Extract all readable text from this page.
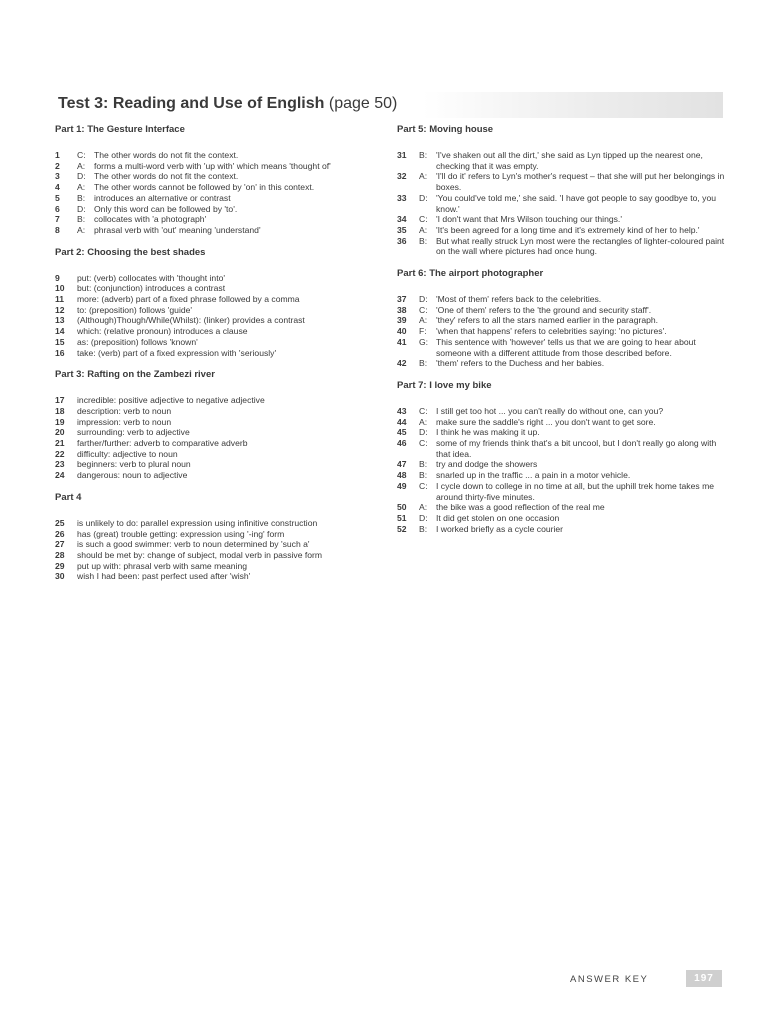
Test 3: Reading and Use of English (page 50)
Part 1: The Gesture Interface
1	C: The other words do not fit the context.
2	A:	forms a multi-word verb with 'up with' which means 'thought of'
3	D: The other words do not fit the context.
4	A:	The other words cannot be followed by 'on' in this context.
5	B:	introduces an alternative or contrast
6	D: Only this word can be followed by 'to'.
7	B:	collocates with 'a photograph'
8	A:	phrasal verb with 'out' meaning 'understand'
Part 2: Choosing the best shades
9	put: (verb) collocates with 'thought into'
10	but: (conjunction) introduces a contrast
11	more: (adverb) part of a fixed phrase followed by a comma
12	to: (preposition) follows 'guide'
13	(Although)Though/While(Whilst): (linker) provides a contrast
14	which: (relative pronoun) introduces a clause
15	as: (preposition) follows 'known'
16	take: (verb) part of a fixed expression with 'seriously'
Part 3: Rafting on the Zambezi river
17	incredible: positive adjective to negative adjective
18	description: verb to noun
19	impression: verb to noun
20	surrounding: verb to adjective
21	farther/further: adverb to comparative adverb
22	difficulty: adjective to noun
23	beginners: verb to plural noun
24	dangerous: noun to adjective
Part 4
25	is unlikely to do: parallel expression using infinitive construction
26	has (great) trouble getting: expression using '-ing' form
27	is such a good swimmer: verb to noun determined by 'such a'
28	should be met by: change of subject, modal verb in passive form
29	put up with: phrasal verb with same meaning
30	wish I had been: past perfect used after 'wish'
Part 5: Moving house
31	B:	'I've shaken out all the dirt,' she said as Lyn tipped up the nearest one, checking that it was empty.
32	A:	'I'll do it' refers to Lyn's mother's request – that she will put her belongings in boxes.
33	D: 'You could've told me,' she said. 'I have got people to say goodbye to, you know.'
34	C: 'I don't want that Mrs Wilson touching our things.'
35	A:	'It's been agreed for a long time and it's extremely kind of her to help.'
36	B:	But what really struck Lyn most were the rectangles of lighter-coloured paint on the wall where pictures had once hung.
Part 6: The airport photographer
37	D: 'Most of them' refers back to the celebrities.
38	C: 'One of them' refers to the 'the ground and security staff'.
39	A:	'they' refers to all the stars named earlier in the paragraph.
40	F:	'when that happens' refers to celebrities saying: 'no pictures'.
41	G: This sentence with 'however' tells us that we are going to hear about someone with a different attitude from those described before.
42	B:	'them' refers to the Duchess and her babies.
Part 7: I love my bike
43	C: I still get too hot ... you can't really do without one, can you?
44	A:	make sure the saddle's right ... you don't want to get sore.
45	D: I think he was making it up.
46	C: some of my friends think that's a bit uncool, but I don't really go along with that idea.
47	B:	try and dodge the showers
48	B:	snarled up in the traffic ... a pain in a motor vehicle.
49	C: I cycle down to college in no time at all, but the uphill trek home takes me around thirty-five minutes.
50	A:	the bike was a good reflection of the real me
51	D: It did get stolen on one occasion
52	B:	I worked briefly as a cycle courier
ANSWER KEY	197
